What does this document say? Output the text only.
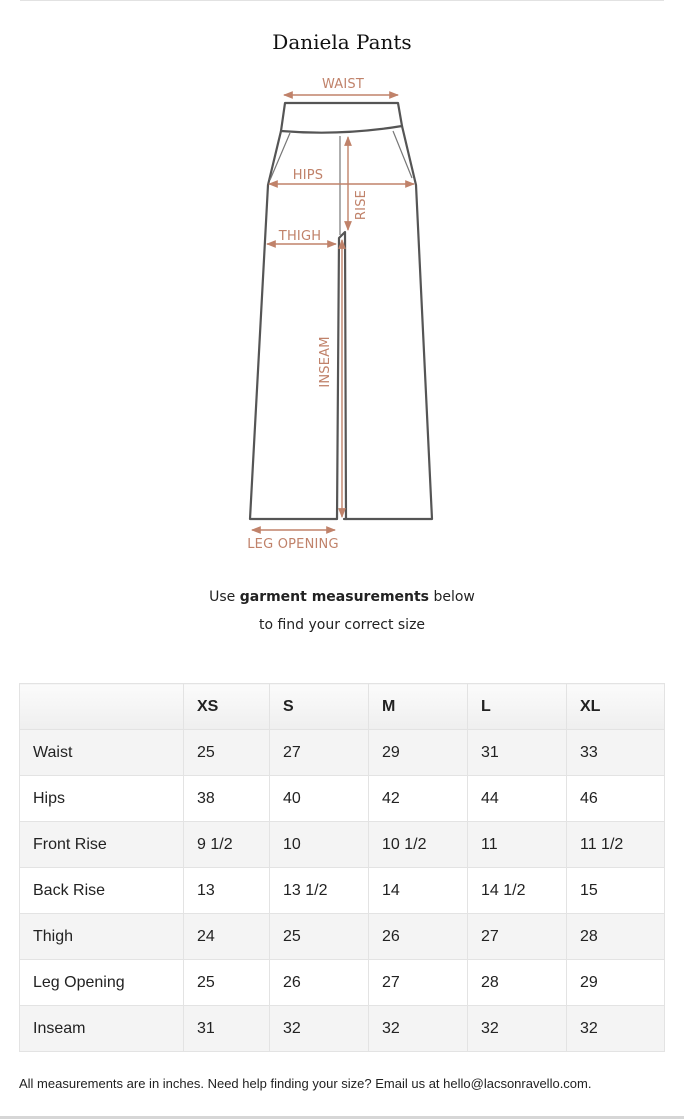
Daniela Pants
WAIST
HIPS
RISE
THIGH
INSEAM
LEG OPENING
Use garment measurements below
to find your correct size
	XS	S	M	L	XL
Waist	25	27	29	31	33
Hips	38	40	42	44	46
Front Rise	9 1/2	10	10 1/2	11	11 1/2
Back Rise	13	13 1/2	14	14 1/2	15
Thigh	24	25	26	27	28
Leg Opening	25	26	27	28	29
Inseam	31	32	32	32	32
All measurements are in inches. Need help finding your size? Email us at hello@lacsonravello.com.
